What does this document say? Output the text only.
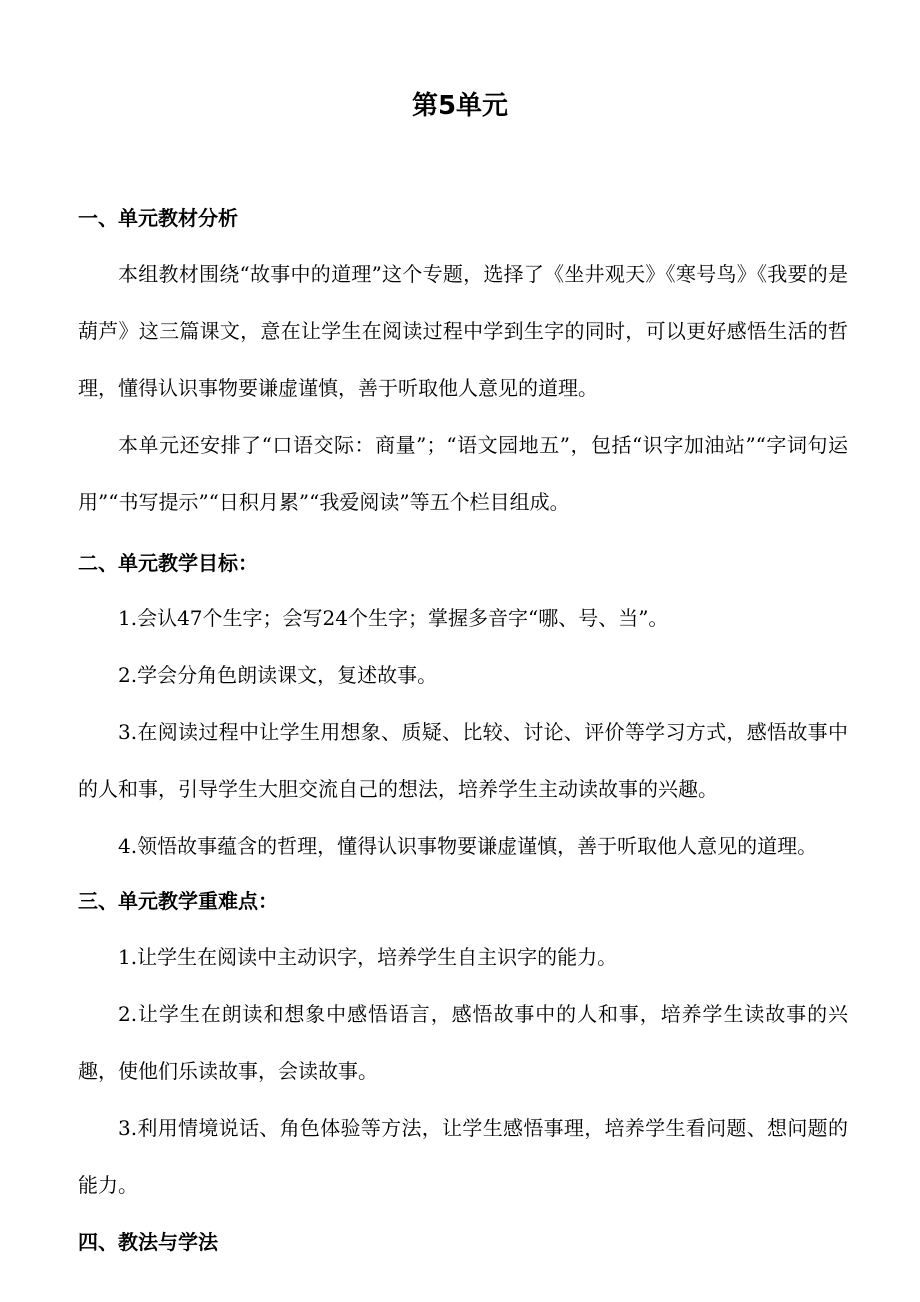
第5单元
一、单元教材分析

本组教材围绕“故事中的道理”这个专题，选择了《坐井观天》《寒号鸟》《我要的是葫芦》这三篇课文，意在让学生在阅读过程中学到生字的同时，可以更好感悟生活的哲理，懂得认识事物要谦虚谨慎，善于听取他人意见的道理。

本单元还安排了“口语交际：商量”；“语文园地五”，包括“识字加油站”“字词句运用”“书写提示”“日积月累”“我爱阅读”等五个栏目组成。

二、单元教学目标：

1.会认47个生字；会写24个生字；掌握多音字“哪、号、当”。

2.学会分角色朗读课文，复述故事。

3.在阅读过程中让学生用想象、质疑、比较、讨论、评价等学习方式，感悟故事中的人和事，引导学生大胆交流自己的想法，培养学生主动读故事的兴趣。

4.领悟故事蕴含的哲理，懂得认识事物要谦虚谨慎，善于听取他人意见的道理。

三、单元教学重难点：

1.让学生在阅读中主动识字，培养学生自主识字的能力。

2.让学生在朗读和想象中感悟语言，感悟故事中的人和事，培养学生读故事的兴趣，使他们乐读故事，会读故事。

3.利用情境说话、角色体验等方法，让学生感悟事理，培养学生看问题、想问题的能力。

四、教法与学法
